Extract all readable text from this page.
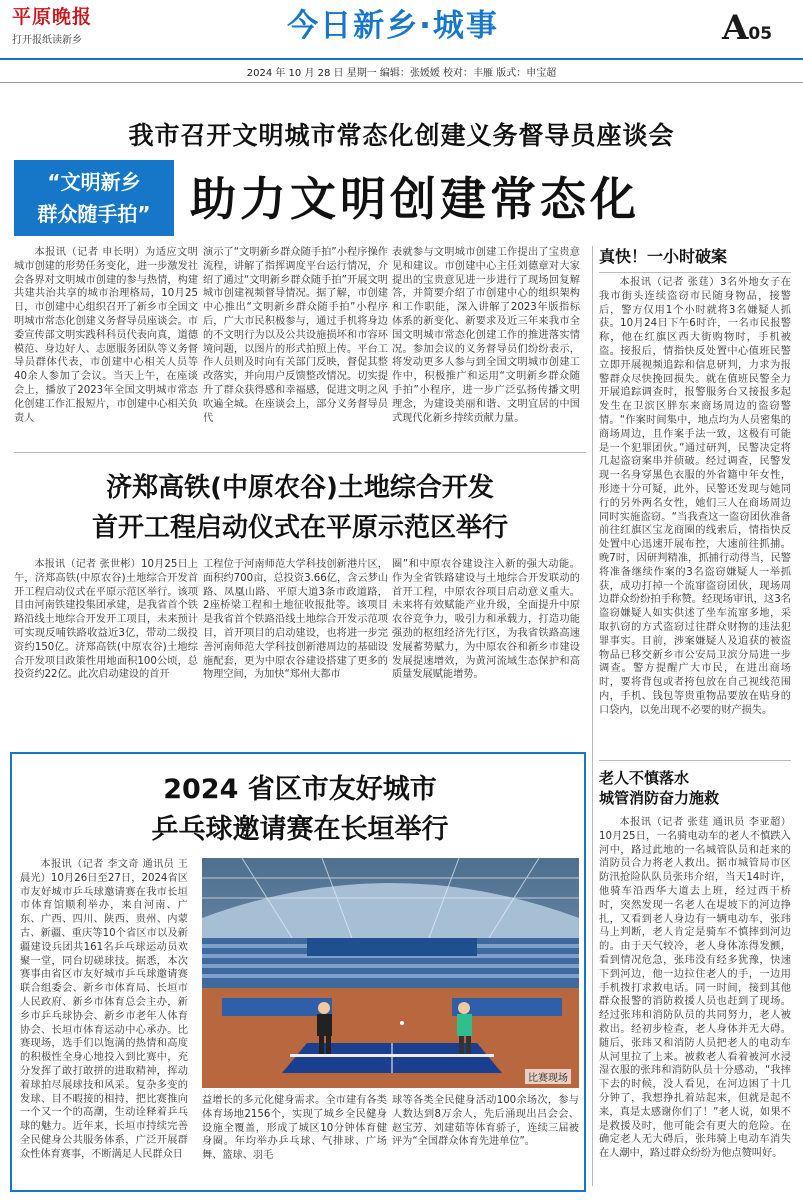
平原晚报
打开报纸读新乡	今日新乡·城事	A05
2024 年 10 月 28 日 星期一 编辑：张媛媛 校对：丰雁 版式：申宝超
我市召开文明城市常态化创建义务督导员座谈会
“文明新乡
群众随手拍” 助力文明创建常态化

本报讯（记者 申长明）为适应文明城市创建的形势任务变化，进一步激发社会各界对文明城市创建的参与热情，构建共建共治共享的城市治理格局，10月25日，市创建中心组织召开了新乡市全国文明城市常态化创建义务督导员座谈会。市委宣传部文明实践科科员代表向真，道德模范、身边好人、志愿服务团队等义务督导员群体代表，市创建中心相关人员等40余人参加了会议。当天上午，在座谈会上，播放了2023年全国文明城市常态化创建工作汇报短片，市创建中心相关负责人

演示了“文明新乡群众随手拍”小程序操作流程，讲解了指挥调度平台运行情况，介绍了通过“文明新乡群众随手拍”开展文明城市创建视频督导情况。据了解，市创建中心推出“文明新乡群众随手拍”小程序后，广大市民积极参与，通过手机将身边的不文明行为以及公共设施损坏和市容环境问题，以图片的形式拍照上传。平台工作人员则及时向有关部门反映，督促其整改落实，并向用户反馈整改情况。切实提升了群众获得感和幸福感，促进文明之风吹遍全城。在座谈会上，部分义务督导员代

表就参与文明城市创建工作提出了宝贵意见和建议。市创建中心主任刘德章对大家提出的宝贵意见进一步进行了现场回复解答，并简要介绍了市创建中心的组织架构和工作职能，深入讲解了2023年版指标体系的新变化、新要求及近三年来我市全国文明城市常态化创建工作的推进落实情况。参加会议的义务督导员们纷纷表示，将发动更多人参与到全国文明城市创建工作中，积极推广和运用“文明新乡群众随手拍”小程序，进一步广泛弘扬传播文明理念，为建设美丽和谐、文明宜居的中国式现代化新乡持续贡献力量。

济郑高铁(中原农谷)土地综合开发
首开工程启动仪式在平原示范区举行

本报讯（记者 张世彬）10月25日上午，济郑高铁(中原农谷)土地综合开发首开工程启动仪式在平原示范区举行。该项目由河南铁建投集团承建，是我省首个铁路沿线土地综合开发开工项目，未来预计可实现反哺铁路收益近3亿，带动二级投资约150亿。济郑高铁(中原农谷)土地综合开发项目政策性用地面积100公顷，总投资约22亿。此次启动建设的首开

工程位于河南师范大学科技创新港片区，面积约700亩，总投资3.66亿，含云梦山路、凤凰山路、平原大道3条市政道路，2座桥梁工程和土地征收报批等。该项目是我省首个铁路沿线土地综合开发示范项目，首开项目的启动建设，也将进一步完善河南师范大学科技创新港周边的基础设施配套，更为中原农谷建设搭建了更多的物理空间，为加快“郑州大都市

圈”和中原农谷建设注入新的强大动能。作为全省铁路建设与土地综合开发联动的首开工程，中原农谷项目启动意义重大。未来将有效赋能产业升级，全面提升中原农谷竞争力，吸引力和承载力，打造功能强劲的枢纽经济先行区，为我省铁路高速发展蓄势赋力，为中原农谷和新乡市建设发展提速增效，为黄河流域生态保护和高质量发展赋能增势。

2024 省区市友好城市
乒乓球邀请赛在长垣举行

本报讯（记者 李文奇 通讯员 王晨光）10月26日至27日，2024省区市友好城市乒乓球邀请赛在我市长垣市体育馆顺利举办，来自河南、广东、广西、四川、陕西、贵州、内蒙古、新疆、重庆等10个省区市以及新疆建设兵团共161名乒乓球运动员欢聚一堂，同台切磋球技。据悉，本次赛事由省区市友好城市乒乓球邀请赛联合组委会、新乡市体育局、长垣市人民政府、新乡市体育总会主办，新乡市乒乓球协会、新乡市老年人体育协会、长垣市体育运动中心承办。比赛现场，选手们以饱满的热情和高度的积极性全身心地投入到比赛中，充分发挥了敢打敢拼的进取精神，挥动着球拍尽展球技和风采。复杂多变的发球、目不暇接的相持，把比赛推向一个又一个的高潮，生动诠释着乒乓球的魅力。近年来，长垣市持续完善全民健身公共服务体系，广泛开展群众性体育赛事，不断满足人民群众日

比赛现场

益增长的多元化健身需求。全市建有各类体育场地2156个，实现了城乡全民健身设施全覆盖，形成了城区10分钟体育健身圈。年均举办乒乓球、气排球、广场舞、篮球、羽毛

球等各类全民健身活动100余场次，参与人数达到8万余人，先后涌现出吕会会、赵宝芳、刘建茹等体育骄子，连续三届被评为“全国群众体育先进单位”。

真快！一小时破案

本报讯（记者 张莛）3名外地女子在我市街头连续盗窃市民随身物品，接警后，警方仅用1个小时就将3名嫌疑人抓获。10月24日下午6时许，一名市民报警称，他在红旗区西大街购物时，手机被盗。接报后，情指快反处置中心值班民警立即开展视频追踪和信息研判，力求为报警群众尽快挽回损失。就在值班民警全力开展追踪调查时，报警服务台又接报多起发生在卫滨区胖东来商场周边的盗窃警情。“作案时间集中，地点均为人员密集的商场周边，且作案手法一致，这极有可能是一个犯罪团伙。”通过研判，民警决定将几起盗窃案串并侦破。经过调查，民警发现一名身穿黑色衣服的外省籍中年女性，形迹十分可疑，此外，民警还发现与她同行的另外两名女性，她们三人在商场周边同时实施盗窃。“当我查这一盗窃团伙准备前往红旗区宝龙商圈的线索后，情指快反处置中心迅速开展布控，大速前往抓捕。晚7时，因研判精准，抓捕行动得当，民警将准备继续作案的3名盗窃嫌疑人一举抓获，成功打掉一个流窜盗窃团伙，现场周边群众纷纷拍手称赞。经现场审讯，这3名盗窃嫌疑人如实供述了坐车流窜多地，采取扒窃的方式盗窃过往群众财物的违法犯罪事实。目前，涉案嫌疑人及追获的被盗物品已移交新乡市公安局卫滨分局进一步调查。警方提醒广大市民，在进出商场时，要将背包或者挎包放在自己视线范围内，手机、钱包等贵重物品要放在贴身的口袋内，以免出现不必要的财产损失。

老人不慎落水
城管消防奋力施救

本报讯（记者 张莛 通讯员 李亚超）10月25日，一名骑电动车的老人不慎跌入河中，路过此地的一名城管队员和赶来的消防员合力将老人救出。据市城管局市区防汛抢险队队员张玮介绍，当天14时许，他骑车沿西华大道去上班，经过西干桥时，突然发现一名老人在堤坡下的河边挣扎，又看到老人身边有一辆电动车，张玮马上判断，老人肯定是骑车不慎摔到河边的。由于天气较冷，老人身体冻得发颤，看到情况危急，张玮没有经多犹豫，快速下到河边，他一边拉住老人的手，一边用手机拨打求救电话。同一时间，接到其他群众报警的消防救援人员也赶到了现场。经过张玮和消防队员的共同努力，老人被救出。经初步检查，老人身体并无大碍。随后，张玮又和消防人员把老人的电动车从河里拉了上来。被救老人看着被河水浸湿衣服的张玮和消防队员十分感动，“我摔下去的时候，没人看见，在河边困了十几分钟了，我想挣扎着站起来，但就是起不来，真是太感谢你们了！”老人说，如果不是救援及时，他可能会有更大的危险。在确定老人无大碍后，张玮骑上电动车消失在人潮中，路过群众纷纷为他点赞叫好。
